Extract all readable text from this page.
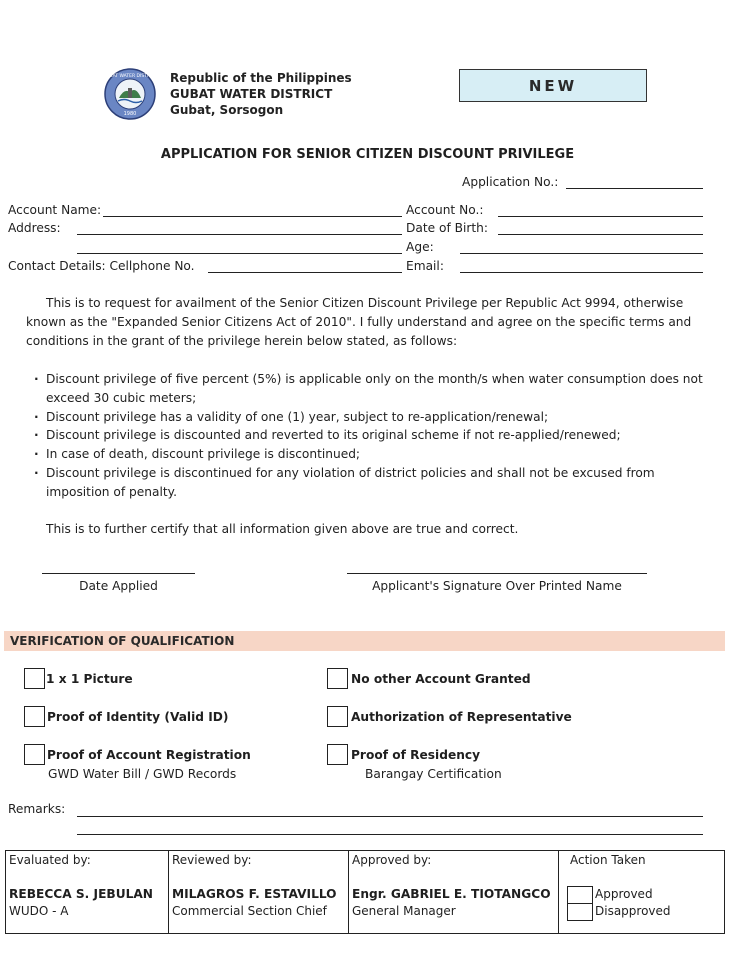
1980
GUBAT WATER DISTRICT Republic of the Philippines
GUBAT WATER DISTRICT
Gubat, Sorsogon
NEW
APPLICATION FOR SENIOR CITIZEN DISCOUNT PRIVILEGE
Application No.:
Account Name:
Address:
Contact Details: Cellphone No.
Account No.:
Date of Birth:
Age:
Email:
This is to request for availment of the Senior Citizen Discount Privilege per Republic Act 9994, otherwise known as the "Expanded Senior Citizens Act of 2010". I fully understand and agree on the specific terms and conditions in the grant of the privilege herein below stated, as follows:
· Discount privilege of five percent (5%) is applicable only on the month/s when water consumption does not exceed 30 cubic meters;
· Discount privilege has a validity of one (1) year, subject to re-application/renewal;
· Discount privilege is discounted and reverted to its original scheme if not re-applied/renewed;
· In case of death, discount privilege is discontinued;
· Discount privilege is discontinued for any violation of district policies and shall not be excused from imposition of penalty.
This is to further certify that all information given above are true and correct.
Date Applied	Applicant's Signature Over Printed Name
VERIFICATION OF QUALIFICATION
1 x 1 Picture
Proof of Identity (Valid ID)
Proof of Account Registration
GWD Water Bill / GWD Records
No other Account Granted
Authorization of Representative
Proof of Residency
Barangay Certification
Remarks:
Evaluated by:
REBECCA S. JEBULAN
WUDO - A
Reviewed by:
MILAGROS F. ESTAVILLO
Commercial Section Chief
Approved by:
Engr. GABRIEL E. TIOTANGCO
General Manager
Action Taken
Approved
Disapproved
